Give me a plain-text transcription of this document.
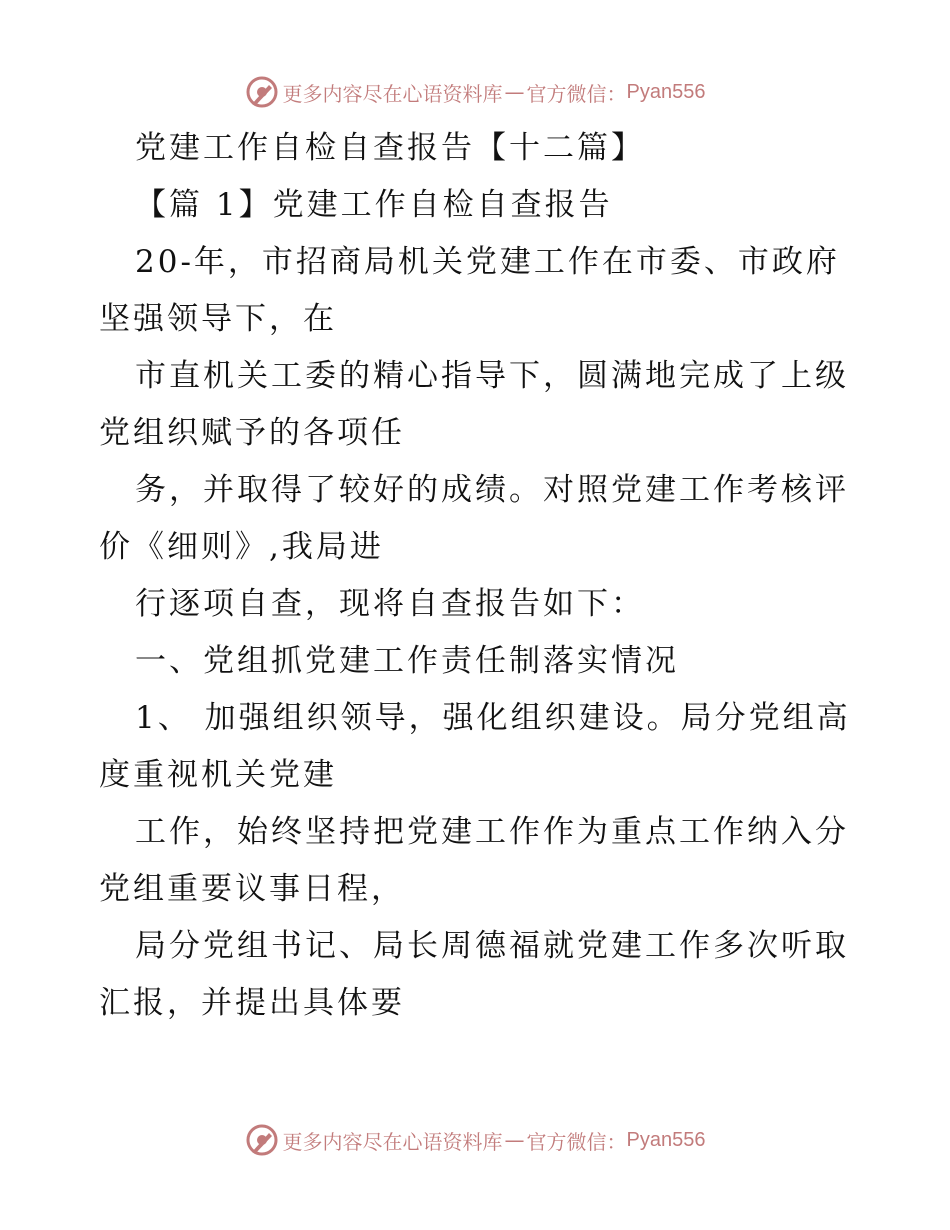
更多内容尽在心语资料库 — 官方微信： Pyan556
党建工作自检自查报告【十二篇】
【篇 1】党建工作自检自查报告
20-年，市招商局机关党建工作在市委、市政府
坚强领导下，在
市直机关工委的精心指导下，圆满地完成了上级
党组织赋予的各项任
务，并取得了较好的成绩。对照党建工作考核评
价《细则》,我局进
行逐项自查，现将自查报告如下：
一、党组抓党建工作责任制落实情况
1、 加强组织领导，强化组织建设。局分党组高
度重视机关党建
工作，始终坚持把党建工作作为重点工作纳入分
党组重要议事日程，
局分党组书记、局长周德福就党建工作多次听取
汇报，并提出具体要
更多内容尽在心语资料库 — 官方微信： Pyan556
